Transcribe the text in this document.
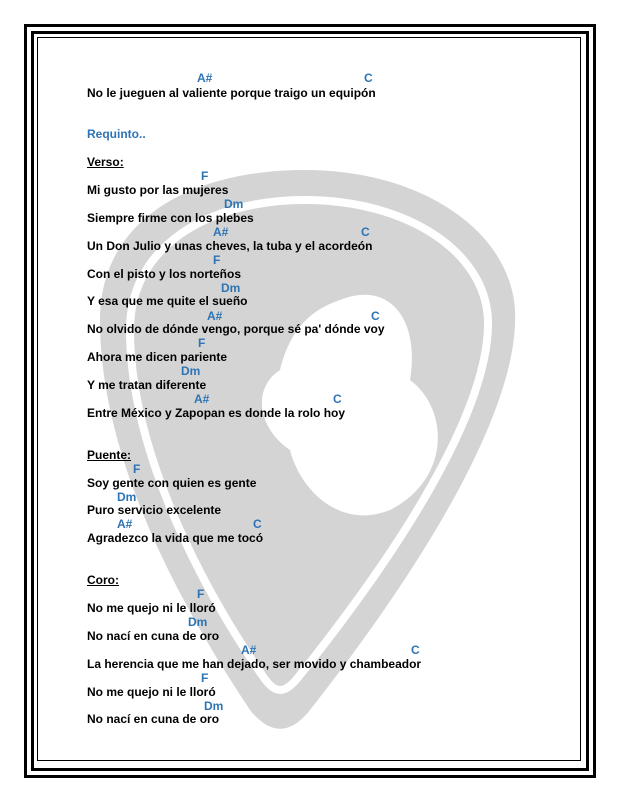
A#	C
No le jueguen al valiente porque traigo un equipón
Requinto..
Verso:
F
Mi gusto por las mujeres
Dm
Siempre firme con los plebes
A#	C
Un Don Julio y unas cheves, la tuba y el acordeón
F
Con el pisto y los norteños
Dm
Y esa que me quite el sueño
A#	C
No olvido de dónde vengo, porque sé pa' dónde voy
F
Ahora me dicen pariente
Dm
Y me tratan diferente
A#	C
Entre México y Zapopan es donde la rolo hoy
Puente:
F
Soy gente con quien es gente
Dm
Puro servicio excelente
A#	C
Agradezco la vida que me tocó
Coro:
F
No me quejo ni le lloró
Dm
No nací en cuna de oro
A#	C
La herencia que me han dejado, ser movido y chambeador
F
No me quejo ni le lloró
Dm
No nací en cuna de oro
